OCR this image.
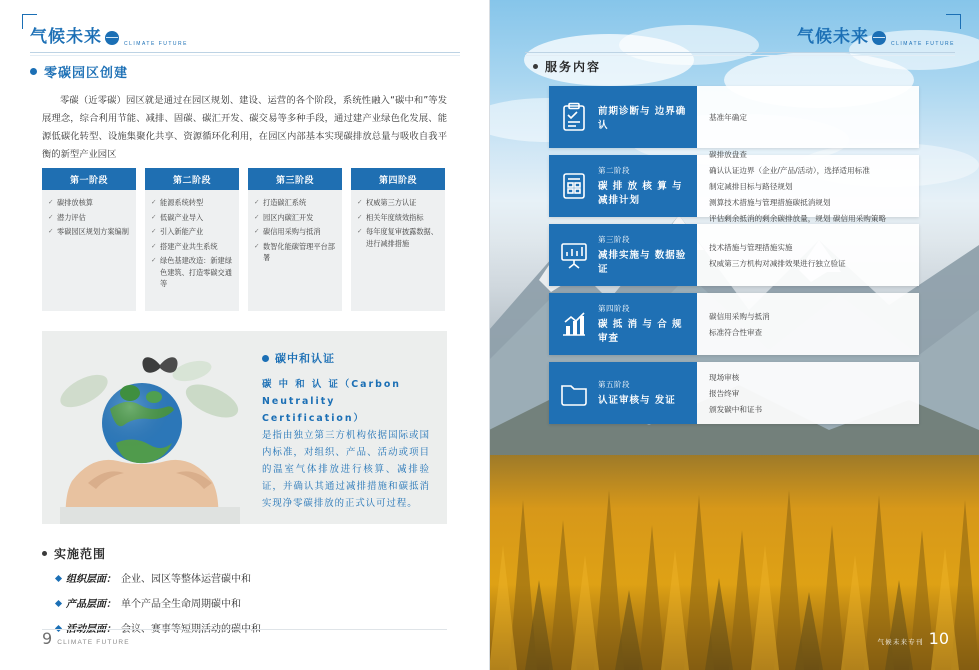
气候未来	CLIMATE FUTURE
零碳园区创建
零碳（近零碳）园区就是通过在园区规划、建设、运营的各个阶段，系统性融入“碳中和”等发展理念，综合利用节能、减排、固碳、碳汇开发、碳交易等多种手段，通过建产业绿色化发展、能源低碳化转型、设施集聚化共享、资源循环化利用，在园区内部基本实现碳排放总量与吸收自我平衡的新型产业园区
第一阶段
✓ 碳排放核算
✓ 潜力评估
✓ 零碳园区规划方案编制
第二阶段
✓ 能源系统转型
✓ 低碳产业导入
✓ 引入新能产业
✓ 搭建产业共生系统
✓ 绿色基建改造：新建绿色建筑、打造零碳交通等
第三阶段
✓ 打造碳汇系统
✓ 园区内碳汇开发
✓ 碳信用采购与抵消
✓ 数智化能碳管理平台部署
第四阶段
✓ 权威第三方认证
✓ 相关年度绩效指标
✓ 每年度复审披露数据、进行减排措施
碳中和认证
碳 中 和 认 证（Carbon Neutrality Certification）
是指由独立第三方机构依据国际或国内标准，对组织、产品、活动或项目的温室气体排放进行核算、减排验证，并确认其通过减排措施和碳抵消实现净零碳排放的正式认可过程。
实施范围
组织层面： 企业、园区等整体运营碳中和
产品层面： 单个产品全生命周期碳中和
9 CLIMATE FUTURE
气候未来	CLIMATE FUTURE
服务内容
前期诊断与 边界确认
基准年确定
第二阶段
碳 排 放 核 算 与减排计划
碳排放盘查
确认认证边界（企业/产品/活动），选择适用标准
制定减排目标与路径规划
测算技术措施与管理措施碳抵消规划
评估剩余抵消的剩余碳排放量，规划 碳信用采购策略
第三阶段
减排实施与 数据验证
技术措施与管理措施实施
权威第三方机构对减排效果进行独立验证
第四阶段
碳 抵 消 与 合 规审查
碳信用采购与抵消
标准符合性审查
第五阶段
认证审核与 发证
现场审核
报告终审
颁发碳中和证书
气候未来专刊 10
